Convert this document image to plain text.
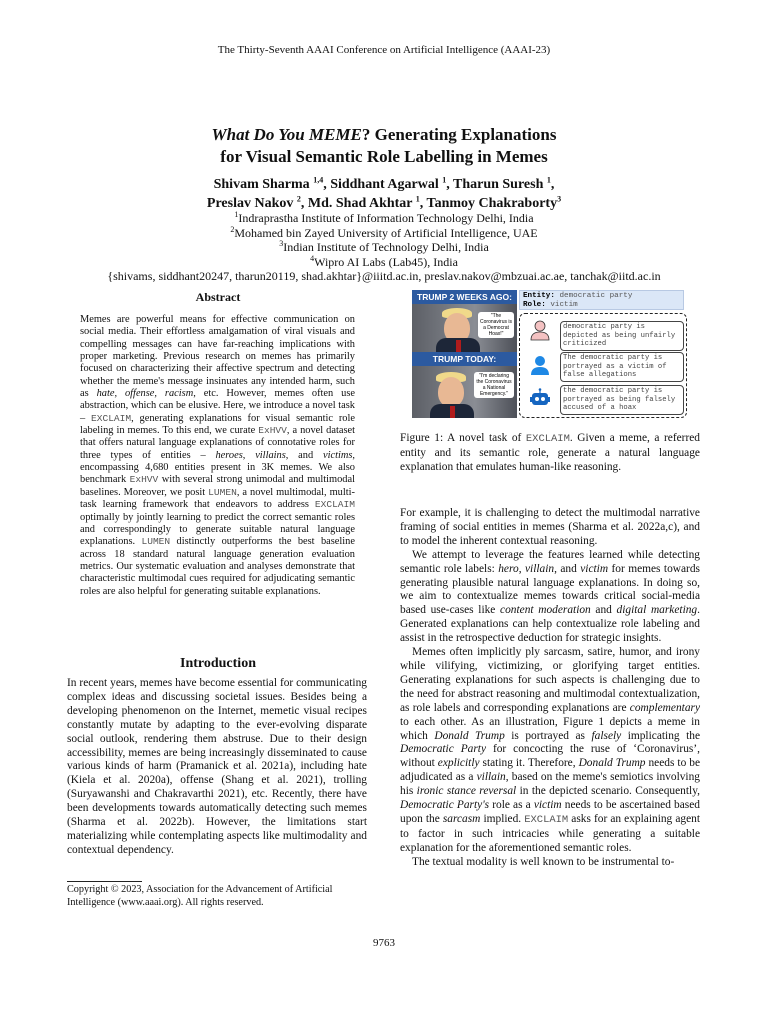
The Thirty-Seventh AAAI Conference on Artificial Intelligence (AAAI-23)
What Do You MEME? Generating Explanations
for Visual Semantic Role Labelling in Memes
Shivam Sharma $^{1,4}$, Siddhant Agarwal $^1$, Tharun Suresh $^1$,
Preslav Nakov $^2$, Md. Shad Akhtar $^1$, Tanmoy Chakraborty$^3$
$^1$Indraprastha Institute of Information Technology Delhi, India
$^2$Mohamed bin Zayed University of Artificial Intelligence, UAE
$^3$Indian Institute of Technology Delhi, India
$^4$Wipro AI Labs (Lab45), India
{shivams, siddhant20247, tharun20119, shad.akhtar}@iiitd.ac.in, preslav.nakov@mbzuai.ac.ae, tanchak@iitd.ac.in
Abstract
Memes are powerful means for effective communication on social media. Their effortless amalgamation of viral visuals and compelling messages can have far-reaching implications with proper marketing. Previous research on memes has primarily focused on characterizing their affective spectrum and detecting whether the meme's message insinuates any intended harm, such as hate, offense, racism, etc. However, memes often use abstraction, which can be elusive. Here, we introduce a novel task – EXCLAIM, generating explanations for visual semantic role labeling in memes. To this end, we curate ExHVV, a novel dataset that offers natural language explanations of connotative roles for three types of entities – heroes, villains, and victims, encompassing 4,680 entities present in 3K memes. We also benchmark ExHVV with several strong unimodal and multimodal baselines. Moreover, we posit LUMEN, a novel multimodal, multi-task learning framework that endeavors to address EXCLAIM optimally by jointly learning to predict the correct semantic roles and correspondingly to generate suitable natural language explanations. LUMEN distinctly outperforms the best baseline across 18 standard natural language generation evaluation metrics. Our systematic evaluation and analyses demonstrate that characteristic multimodal cues required for adjudicating semantic roles are also helpful for generating suitable explanations.
Introduction

In recent years, memes have become essential for communicating complex ideas and discussing societal issues. Besides being a developing phenomenon on the Internet, memetic visual recipes constantly mutate by adapting to the ever-evolving disparate social outlook, rendering them abstruse. Due to their design accessibility, memes are being increasingly disseminated to cause various kinds of harm (Pramanick et al. 2021a), including hate (Kiela et al. 2020a), offense (Shang et al. 2021), trolling (Suryawanshi and Chakravarthi 2021), etc. Recently, there have been developments towards automatically detecting such memes (Sharma et al. 2022b). However, the limitations start materializing while contemplating aspects like multimodality and contextual dependency.

Copyright © 2023, Association for the Advancement of Artificial Intelligence (www.aaai.org). All rights reserved.
TRUMP 2 WEEKS AGO:
"The Coronavirus is a Democrat Hoax!"
TRUMP TODAY:
"I'm declaring the Coronavirus a National Emergency."
Entity: democratic party
Role: victim
democratic party is depicted as being unfairly criticized
The democratic party is portrayed as a victim of false allegations
the democratic party is portrayed as being falsely accused of a hoax
Figure 1: A novel task of EXCLAIM. Given a meme, a referred entity and its semantic role, generate a natural language explanation that emulates human-like reasoning.

For example, it is challenging to detect the multimodal narrative framing of social entities in memes (Sharma et al. 2022a,c), and to model the inherent contextual reasoning.

We attempt to leverage the features learned while detecting semantic role labels: hero, villain, and victim for memes towards generating plausible natural language explanations. In doing so, we aim to contextualize memes towards critical social-media based use-cases like content moderation and digital marketing. Generated explanations can help contextualize role labeling and assist in the retrospective deduction for strategic insights.

Memes often implicitly ply sarcasm, satire, humor, and irony while vilifying, victimizing, or glorifying target entities. Generating explanations for such aspects is challenging due to the need for abstract reasoning and multimodal contextualization, as role labels and corresponding explanations are complementary to each other. As an illustration, Figure 1 depicts a meme in which Donald Trump is portrayed as falsely implicating the Democratic Party for concocting the ruse of ‘Coronavirus’, without explicitly stating it. Therefore, Donald Trump needs to be adjudicated as a villain, based on the meme's semiotics involving his ironic stance reversal in the depicted scenario. Consequently, Democratic Party's role as a victim needs to be ascertained based upon the sarcasm implied. EXCLAIM asks for an explaining agent to factor in such intricacies while generating a suitable explanation for the aforementioned semantic roles.

The textual modality is well known to be instrumental to-

9763
